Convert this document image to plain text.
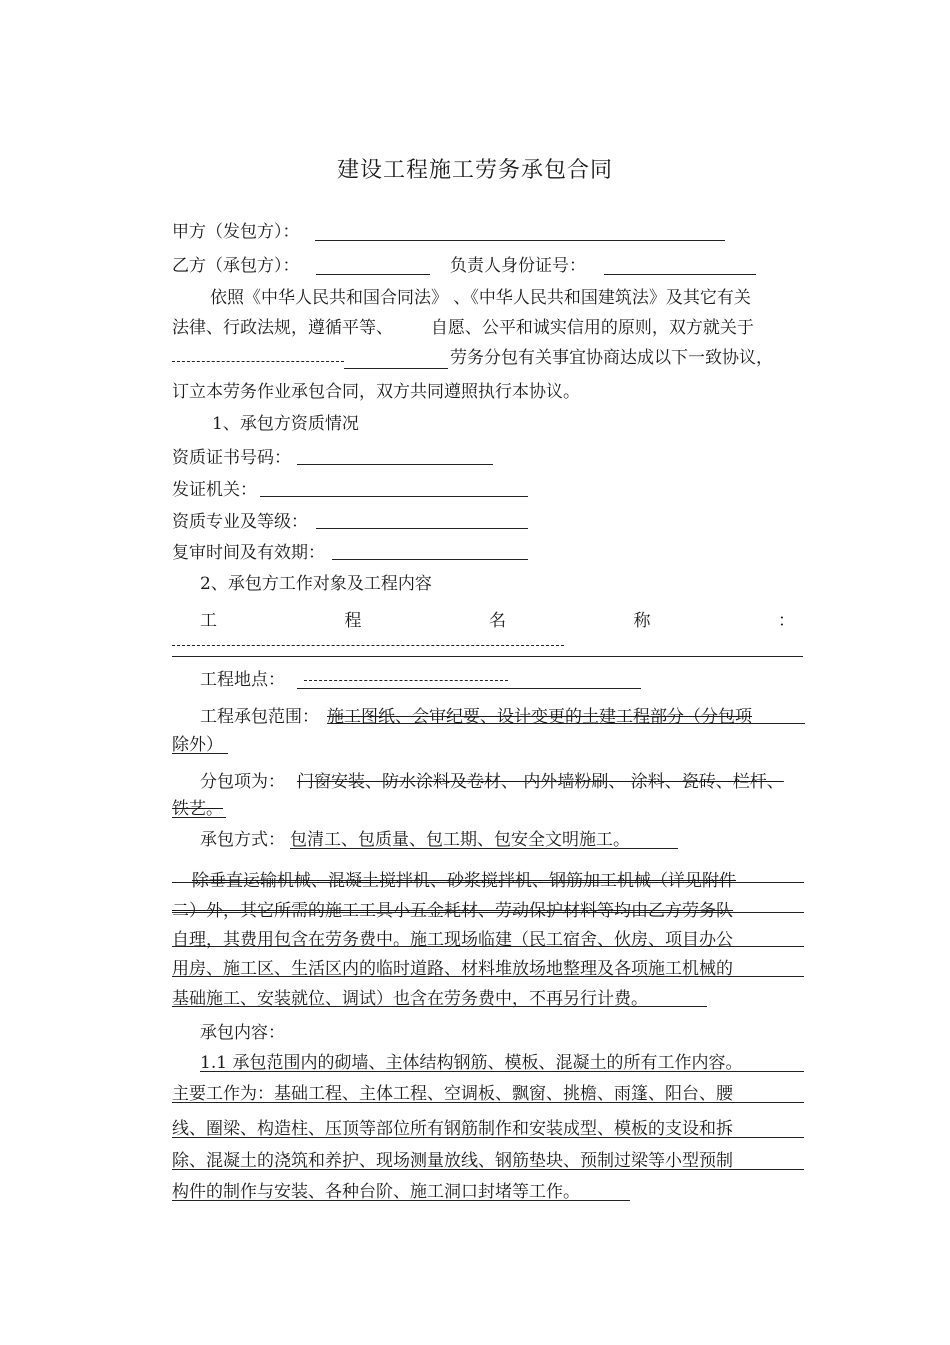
建设工程施工劳务承包合同
甲方（发包方）：
乙方（承包方）：	负责人身份证号：
依照《中华人民共和国合同法》 、《中华人民共和国建筑法》及其它有关
法律、行政法规，遵循平等、       自愿、公平和诚实信用的原则，双方就关于
劳务分包有关事宜协商达成以下一致协议，
订立本劳务作业承包合同，双方共同遵照执行本协议。
1、承包方资质情况
资质证书号码：
发证机关：
资质专业及等级：
复审时间及有效期：
2、承包方工作对象及工程内容
工	程	名	称	：
工程地点：
工程承包范围： 施工图纸、会审纪要、设计变更的土建工程部分（分包项
除外）
分包项为： 门窗安装、防水涂料及卷材、 内外墙粉刷、 涂料、瓷砖、栏杆、
铁艺。
承包方式： 包清工、包质量、包工期、包安全文明施工。
除垂直运输机械、混凝土搅拌机、砂浆搅拌机、钢筋加工机械（详见附件
二）外，其它所需的施工工具小五金耗材、劳动保护材料等均由乙方劳务队
自理，其费用包含在劳务费中。施工现场临建（民工宿舍、伙房、项目办公
用房、施工区、生活区内的临时道路、材料堆放场地整理及各项施工机械的
基础施工、安装就位、调试）也含在劳务费中，不再另行计费。
承包内容：
1.1 承包范围内的砌墙、主体结构钢筋、模板、混凝土的所有工作内容。
主要工作为：基础工程、主体工程、空调板、飘窗、挑檐、雨篷、阳台、腰
线、圈梁、构造柱、压顶等部位所有钢筋制作和安装成型、模板的支设和拆
除、混凝土的浇筑和养护、现场测量放线、钢筋垫块、预制过梁等小型预制
构件的制作与安装、各种台阶、施工洞口封堵等工作。
